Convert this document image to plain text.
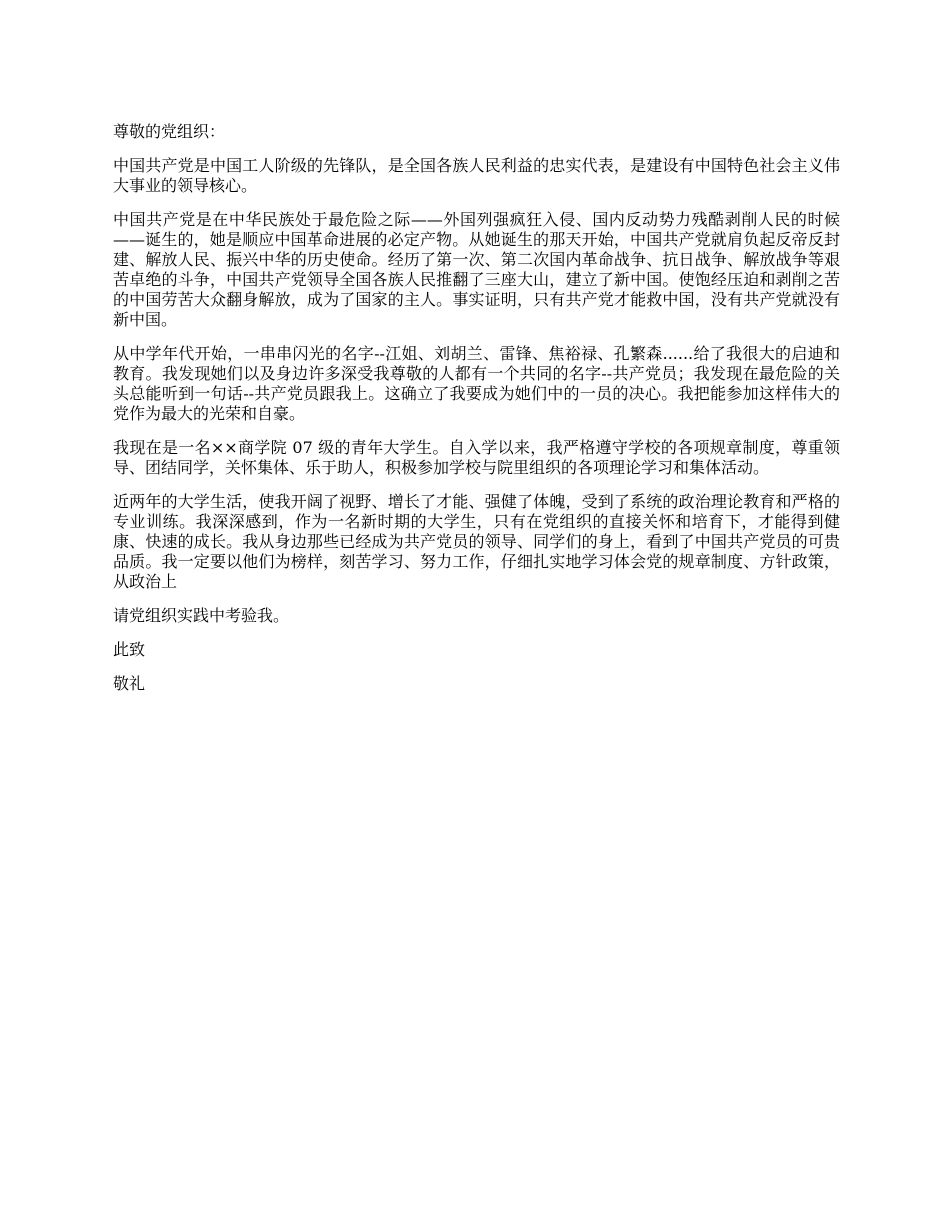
尊敬的党组织：

中国共产党是中国工人阶级的先锋队，是全国各族人民利益的忠实代表，是建设有中国特色社会主义伟大事业的领导核心。

中国共产党是在中华民族处于最危险之际——外国列强疯狂入侵、国内反动势力残酷剥削人民的时候——诞生的，她是顺应中国革命进展的必定产物。从她诞生的那天开始，中国共产党就肩负起反帝反封建、解放人民、振兴中华的历史使命。经历了第一次、第二次国内革命战争、抗日战争、解放战争等艰苦卓绝的斗争，中国共产党领导全国各族人民推翻了三座大山，建立了新中国。使饱经压迫和剥削之苦的中国劳苦大众翻身解放，成为了国家的主人。事实证明，只有共产党才能救中国，没有共产党就没有新中国。

从中学年代开始，一串串闪光的名字--江姐、刘胡兰、雷锋、焦裕禄、孔繁森......给了我很大的启迪和教育。我发现她们以及身边许多深受我尊敬的人都有一个共同的名字--共产党员；我发现在最危险的关头总能听到一句话--共产党员跟我上。这确立了我要成为她们中的一员的决心。我把能参加这样伟大的党作为最大的光荣和自豪。

我现在是一名××商学院 07 级的青年大学生。自入学以来，我严格遵守学校的各项规章制度，尊重领导、团结同学，关怀集体、乐于助人，积极参加学校与院里组织的各项理论学习和集体活动。

近两年的大学生活，使我开阔了视野、增长了才能、强健了体魄，受到了系统的政治理论教育和严格的专业训练。我深深感到，作为一名新时期的大学生，只有在党组织的直接关怀和培育下，才能得到健康、快速的成长。我从身边那些已经成为共产党员的领导、同学们的身上，看到了中国共产党员的可贵品质。我一定要以他们为榜样，刻苦学习、努力工作，仔细扎实地学习体会党的规章制度、方针政策，从政治上

请党组织实践中考验我。

此致

敬礼
